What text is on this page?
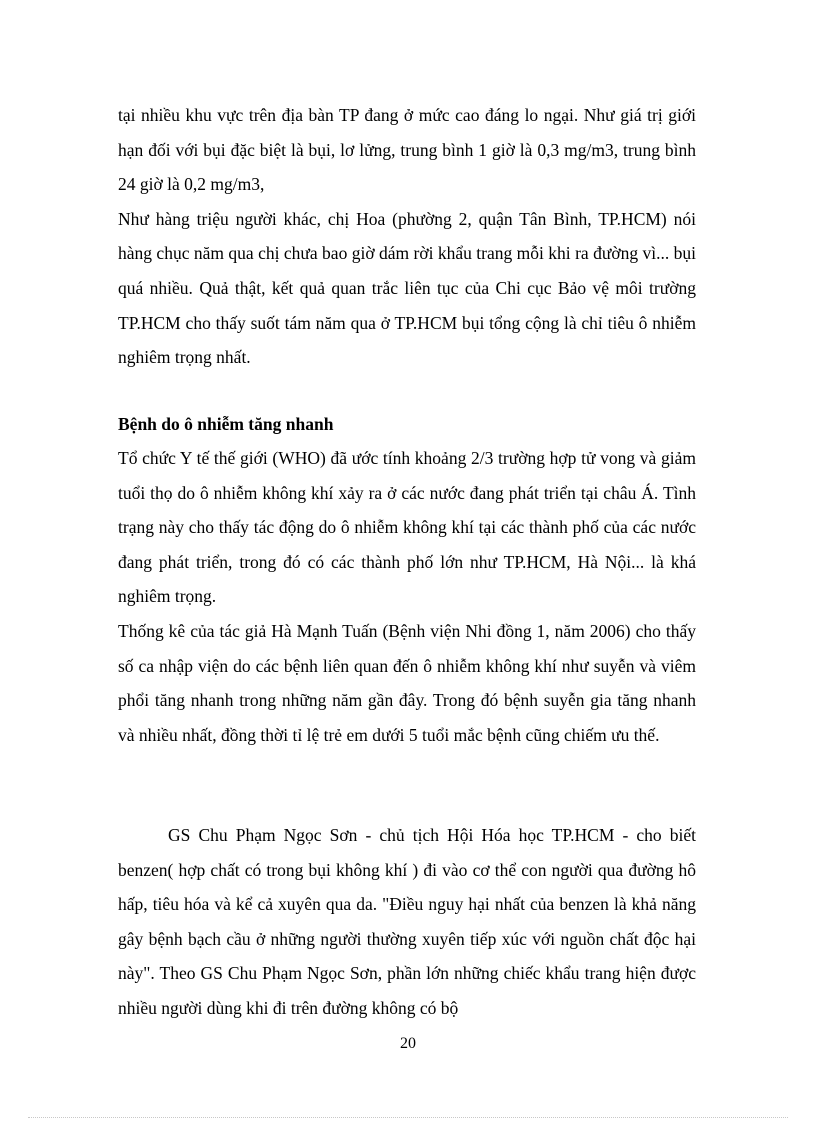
tại nhiều khu vực trên địa bàn TP đang ở mức cao đáng lo ngại. Như giá trị giới hạn đối với bụi đặc biệt là bụi, lơ lửng, trung bình 1 giờ là 0,3 mg/m3, trung bình 24 giờ là 0,2 mg/m3,

Như hàng triệu người khác, chị Hoa (phường 2, quận Tân Bình, TP.HCM) nói hàng chục năm qua chị chưa bao giờ dám rời khẩu trang mỗi khi ra đường vì... bụi quá nhiều. Quả thật, kết quả quan trắc liên tục của Chi cục Bảo vệ môi trường TP.HCM cho thấy suốt tám năm qua ở TP.HCM bụi tổng cộng là chỉ tiêu ô nhiễm nghiêm trọng nhất.

Bệnh do ô nhiễm tăng nhanh

Tổ chức Y tế thế giới (WHO) đã ước tính khoảng 2/3 trường hợp tử vong và giảm tuổi thọ do ô nhiễm không khí xảy ra ở các nước đang phát triển tại châu Á. Tình trạng này cho thấy tác động do ô nhiễm không khí tại các thành phố của các nước đang phát triển, trong đó có các thành phố lớn như TP.HCM, Hà Nội... là khá nghiêm trọng.

Thống kê của tác giả Hà Mạnh Tuấn (Bệnh viện Nhi đồng 1, năm 2006) cho thấy số ca nhập viện do các bệnh liên quan đến ô nhiễm không khí như suyễn và viêm phổi tăng nhanh trong những năm gần đây. Trong đó bệnh suyễn gia tăng nhanh và nhiều nhất, đồng thời tỉ lệ trẻ em dưới 5 tuổi mắc bệnh cũng chiếm ưu thế.

GS Chu Phạm Ngọc Sơn - chủ tịch Hội Hóa học TP.HCM - cho biết benzen( hợp chất có trong bụi không khí ) đi vào cơ thể con người qua đường hô hấp, tiêu hóa và kể cả xuyên qua da. "Điều nguy hại nhất của benzen là khả năng gây bệnh bạch cầu ở những người thường xuyên tiếp xúc với nguồn chất độc hại này". Theo GS Chu Phạm Ngọc Sơn, phần lớn những chiếc khẩu trang hiện được nhiều người dùng khi đi trên đường không có bộ

20
